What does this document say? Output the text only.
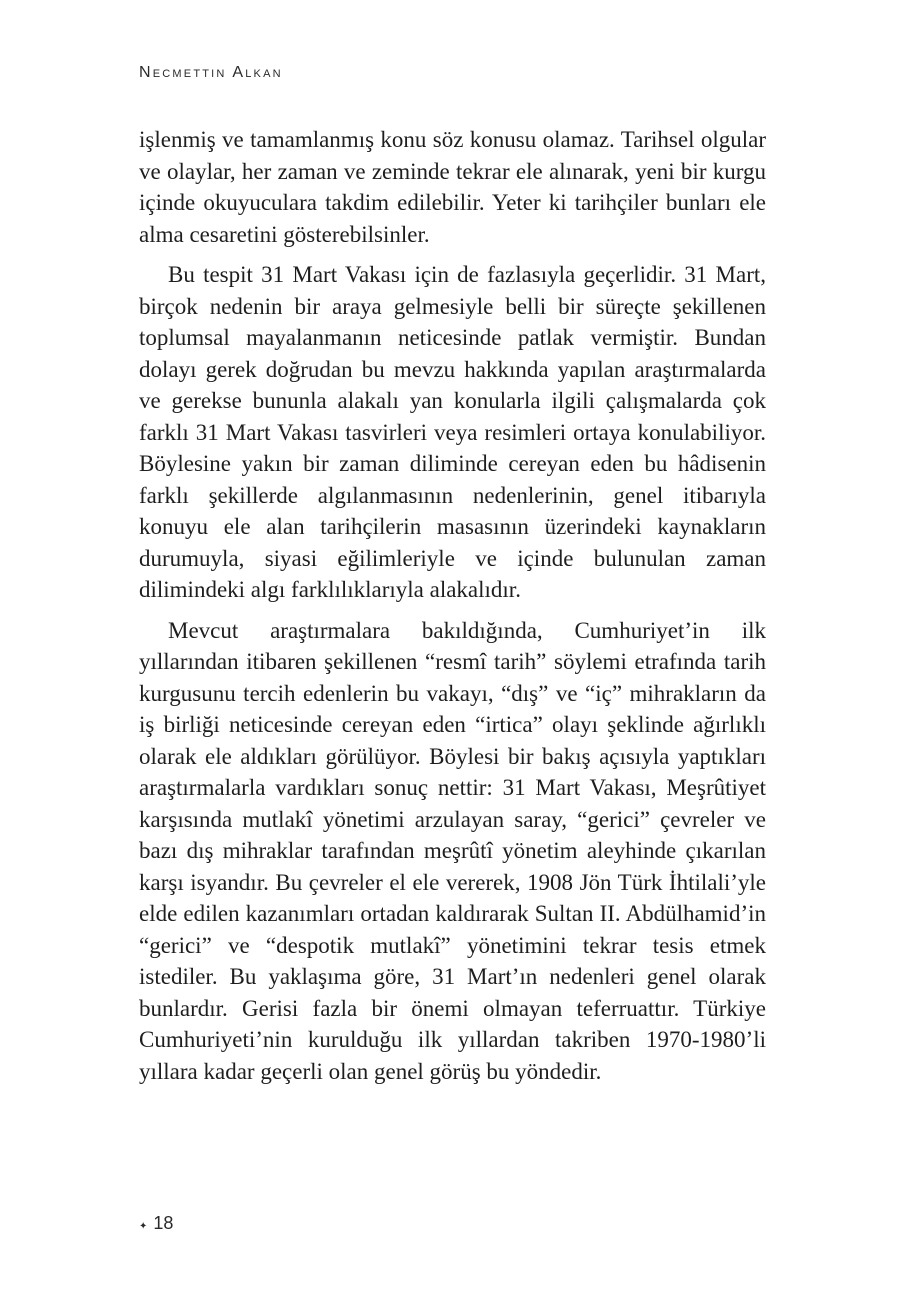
Necmettin Alkan

işlenmiş ve tamamlanmış konu söz konusu olamaz. Tarihsel olgular ve olaylar, her zaman ve zeminde tekrar ele alınarak, yeni bir kurgu içinde okuyuculara takdim edilebilir. Yeter ki tarihçiler bunları ele alma cesaretini gösterebilsinler.

Bu tespit 31 Mart Vakası için de fazlasıyla geçerlidir. 31 Mart, birçok nedenin bir araya gelmesiyle belli bir süreçte şekillenen toplumsal mayalanmanın neticesinde patlak vermiştir. Bundan dolayı gerek doğrudan bu mevzu hakkında yapılan araştırmalarda ve gerekse bununla alakalı yan konularla ilgili çalışmalarda çok farklı 31 Mart Vakası tasvirleri veya resimleri ortaya konulabiliyor. Böylesine yakın bir zaman diliminde cereyan eden bu hâdisenin farklı şekillerde algılanmasının nedenlerinin, genel itibarıyla konuyu ele alan tarihçilerin masasının üzerindeki kaynakların durumuyla, siyasi eğilimleriyle ve içinde bulunulan zaman dilimindeki algı farklılıklarıyla alakalıdır.

Mevcut araştırmalara bakıldığında, Cumhuriyet’in ilk yıllarından itibaren şekillenen “resmî tarih” söylemi etrafında tarih kurgusunu tercih edenlerin bu vakayı, “dış” ve “iç” mihrakların da iş birliği neticesinde cereyan eden “irtica” olayı şeklinde ağırlıklı olarak ele aldıkları görülüyor. Böylesi bir bakış açısıyla yaptıkları araştırmalarla vardıkları sonuç nettir: 31 Mart Vakası, Meşrûtiyet karşısında mutlakî yönetimi arzulayan saray, “gerici” çevreler ve bazı dış mihraklar tarafından meşrûtî yönetim aleyhinde çıkarılan karşı isyandır. Bu çevreler el ele vererek, 1908 Jön Türk İhtilali’yle elde edilen kazanımları ortadan kaldırarak Sultan II. Abdülhamid’in “gerici” ve “despotik mutlakî” yönetimini tekrar tesis etmek istediler. Bu yaklaşıma göre, 31 Mart’ın nedenleri genel olarak bunlardır. Gerisi fazla bir önemi olmayan teferruattır. Türkiye Cumhuriyeti’nin kurulduğu ilk yıllardan takriben 1970-1980’li yıllara kadar geçerli olan genel görüş bu yöndedir.

✦ 18
